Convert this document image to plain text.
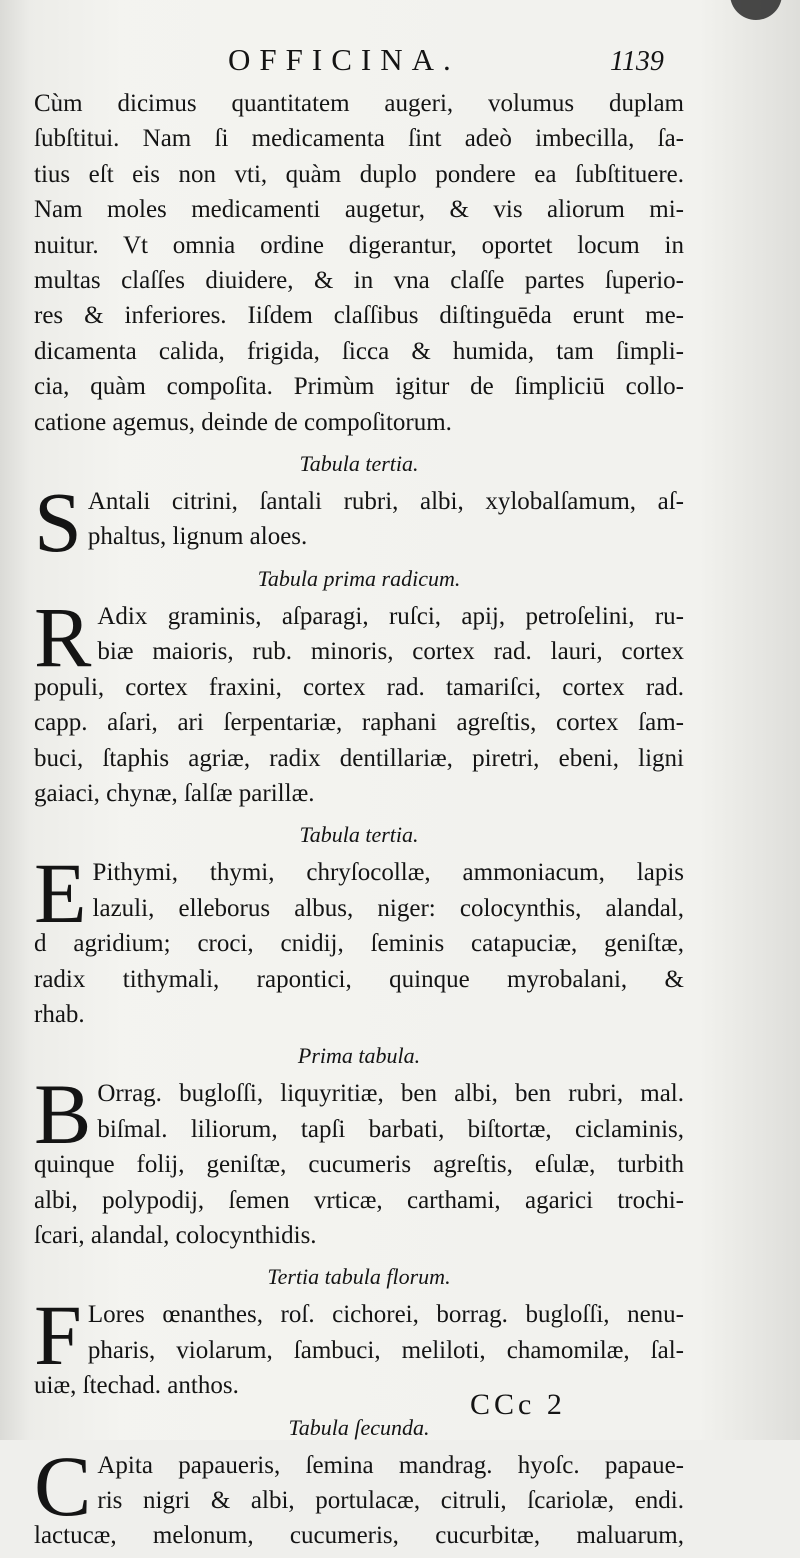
OFFICINA.	1139
Cùm dicimus quantitatem augeri, volumus duplam
ſubſtitui. Nam ſi medicamenta ſint adeò imbecilla, ſa-
tius eſt eis non vti, quàm duplo pondere ea ſubſtituere.
Nam moles medicamenti augetur, & vis aliorum mi-
nuitur. Vt omnia ordine digerantur, oportet locum in
multas claſſes diuidere, & in vna claſſe partes ſuperio-
res & inferiores. Iiſdem claſſibus diſtinguēda erunt me-
dicamenta calida, frigida, ſicca & humida, tam ſimpli-
cia, quàm compoſita. Primùm igitur de ſimpliciū collo-
catione agemus, deinde de compoſitorum.
Tabula tertia.
S Antali citrini, ſantali rubri, albi, xylobalſamum, aſ-
phaltus, lignum aloes.
Tabula prima radicum.
R Adix graminis, aſparagi, ruſci, apij, petroſelini, ru-
biæ maioris, rub. minoris, cortex rad. lauri, cortex
populi, cortex fraxini, cortex rad. tamariſci, cortex rad.
capp. aſari, ari ſerpentariæ, raphani agreſtis, cortex ſam-
buci, ſtaphis agriæ, radix dentillariæ, piretri, ebeni, ligni
gaiaci, chynæ, ſalſæ parillæ.
Tabula tertia.
E Pithymi, thymi, chryſocollæ, ammoniacum, lapis
lazuli, elleborus albus, niger: colocynthis, alandal,
d agridium; croci, cnidij, ſeminis catapuciæ, geniſtæ,
radix tithymali, rapontici, quinque myrobalani, &
rhab.
Prima tabula.
B Orrag. bugloſſi, liquyritiæ, ben albi, ben rubri, mal.
biſmal. liliorum, tapſi barbati, biſtortæ, ciclaminis,
quinque folij, geniſtæ, cucumeris agreſtis, eſulæ, turbith
albi, polypodij, ſemen vrticæ, carthami, agarici trochi-
ſcari, alandal, colocynthidis.
Tertia tabula florum.
F Lores œnanthes, roſ. cichorei, borrag. bugloſſi, nenu-
pharis, violarum, ſambuci, meliloti, chamomilæ, ſal-
uiæ, ſtechad. anthos.
Tabula ſecunda.
C Apita papaueris, ſemina mandrag. hyoſc. papaue-
ris nigri & albi, portulacæ, citruli, ſcariolæ, endi.
lactucæ, melonum, cucumeris, cucurbitæ, maluarum,
CCc 2
